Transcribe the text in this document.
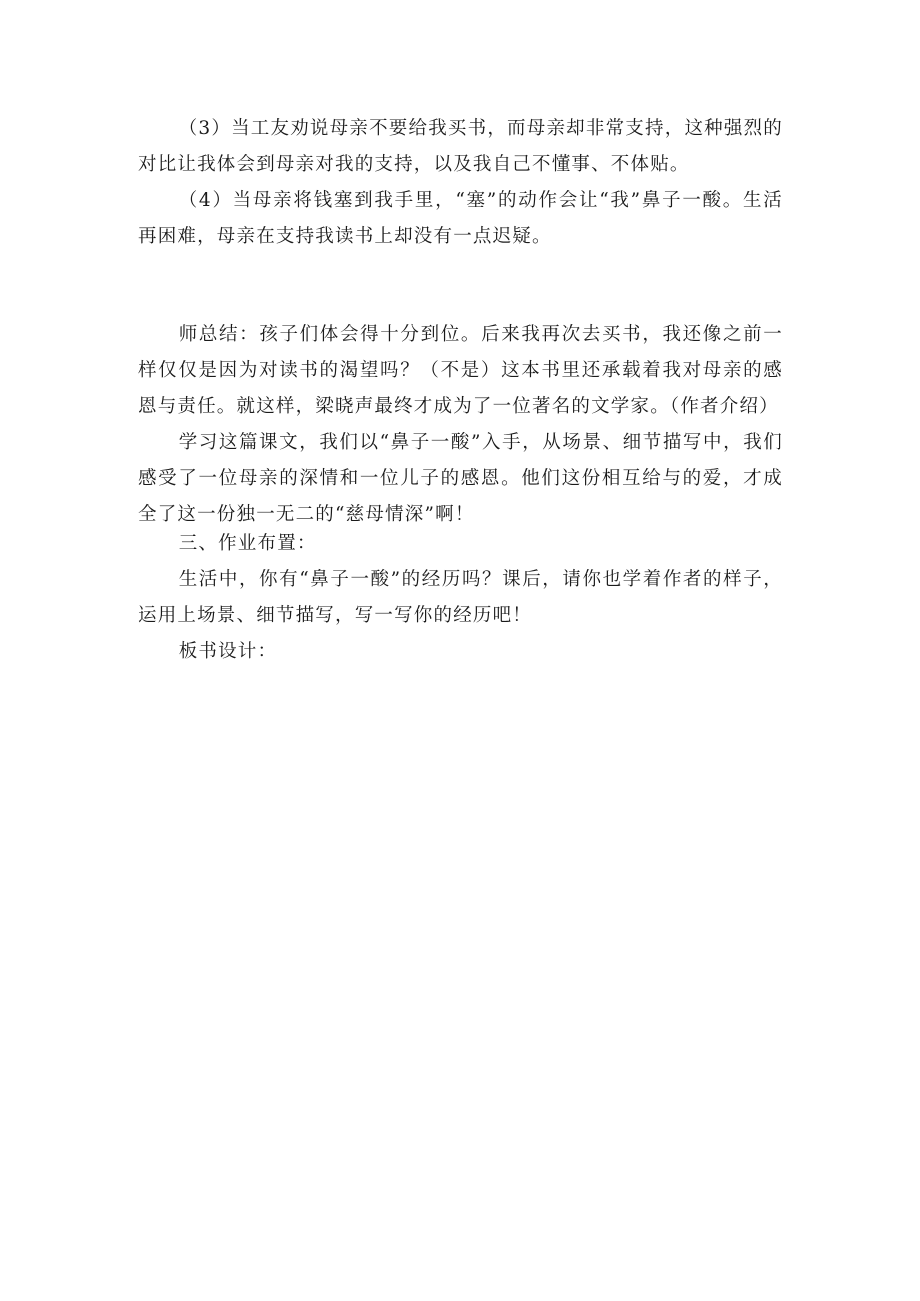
（3）当工友劝说母亲不要给我买书，而母亲却非常支持，这种强烈的对比让我体会到母亲对我的支持，以及我自己不懂事、不体贴。

（4）当母亲将钱塞到我手里，“塞”的动作会让“我”鼻子一酸。生活再困难，母亲在支持我读书上却没有一点迟疑。

师总结：孩子们体会得十分到位。后来我再次去买书，我还像之前一样仅仅是因为对读书的渴望吗？（不是）这本书里还承载着我对母亲的感恩与责任。就这样，梁晓声最终才成为了一位著名的文学家。（作者介绍）

学习这篇课文，我们以“鼻子一酸”入手，从场景、细节描写中，我们感受了一位母亲的深情和一位儿子的感恩。他们这份相互给与的爱，才成全了这一份独一无二的“慈母情深”啊！

三、作业布置：

生活中，你有“鼻子一酸”的经历吗？课后，请你也学着作者的样子，运用上场景、细节描写，写一写你的经历吧！

板书设计：
